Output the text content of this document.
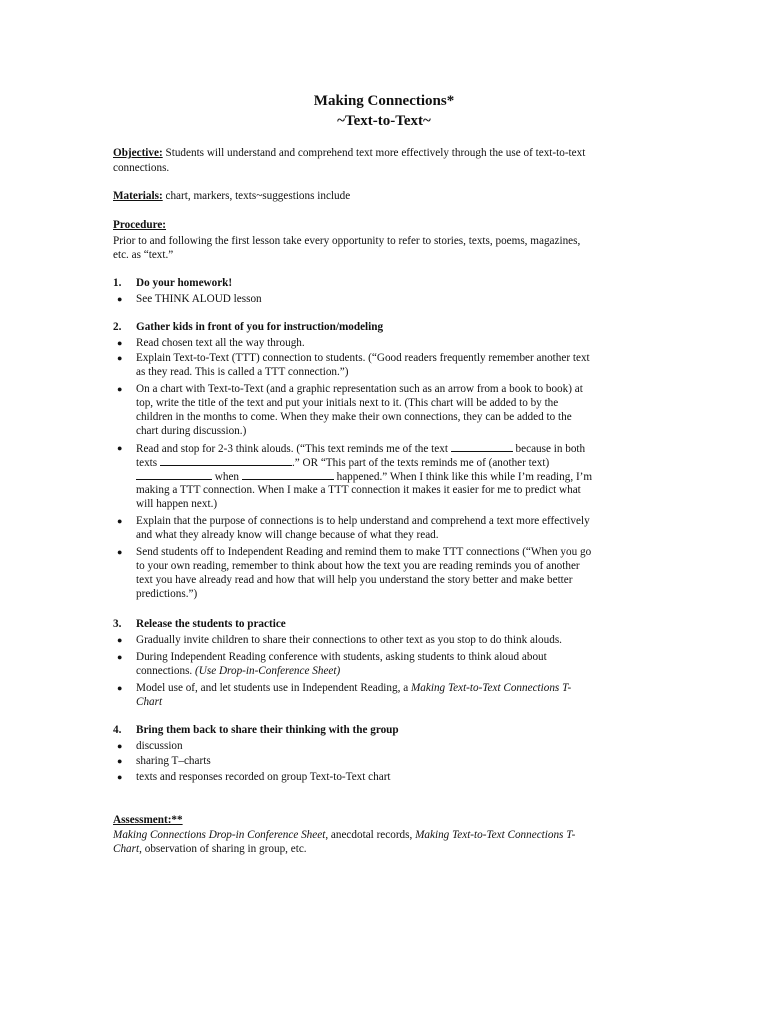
Making Connections*
~Text-to-Text~
Objective: Students will understand and comprehend text more effectively through the use of text-to-text
connections.
Materials: chart, markers, texts~suggestions include
Procedure:
Prior to and following the first lesson take every opportunity to refer to stories, texts, poems, magazines,
etc. as “text.”
1. Do your homework!
● See THINK ALOUD lesson
2. Gather kids in front of you for instruction/modeling
● Read chosen text all the way through.
● Explain Text-to-Text (TTT) connection to students. (“Good readers frequently remember another text
as they read. This is called a TTT connection.”)
● On a chart with Text-to-Text (and a graphic representation such as an arrow from a book to book) at
top, write the title of the text and put your initials next to it. (This chart will be added to by the
children in the months to come. When they make their own connections, they can be added to the
chart during discussion.)
● Read and stop for 2-3 think alouds. (“This text reminds me of the text	because in both
texts	.” OR “This part of the texts reminds me of (another text)
when	happened.” When I think like this while I’m reading, I’m
making a TTT connection. When I make a TTT connection it makes it easier for me to predict what
will happen next.)
● Explain that the purpose of connections is to help understand and comprehend a text more effectively
and what they already know will change because of what they read.
● Send students off to Independent Reading and remind them to make TTT connections (“When you go
to your own reading, remember to think about how the text you are reading reminds you of another
text you have already read and how that will help you understand the story better and make better
predictions.”)
3. Release the students to practice
● Gradually invite children to share their connections to other text as you stop to do think alouds.
● During Independent Reading conference with students, asking students to think aloud about
connections. (Use Drop-in-Conference Sheet)
● Model use of, and let students use in Independent Reading, a Making Text-to-Text Connections T-
Chart
4. Bring them back to share their thinking with the group
● discussion
● sharing T–charts
● texts and responses recorded on group Text-to-Text chart
Assessment:**
Making Connections Drop-in Conference Sheet, anecdotal records, Making Text-to-Text Connections T-
Chart, observation of sharing in group, etc.
